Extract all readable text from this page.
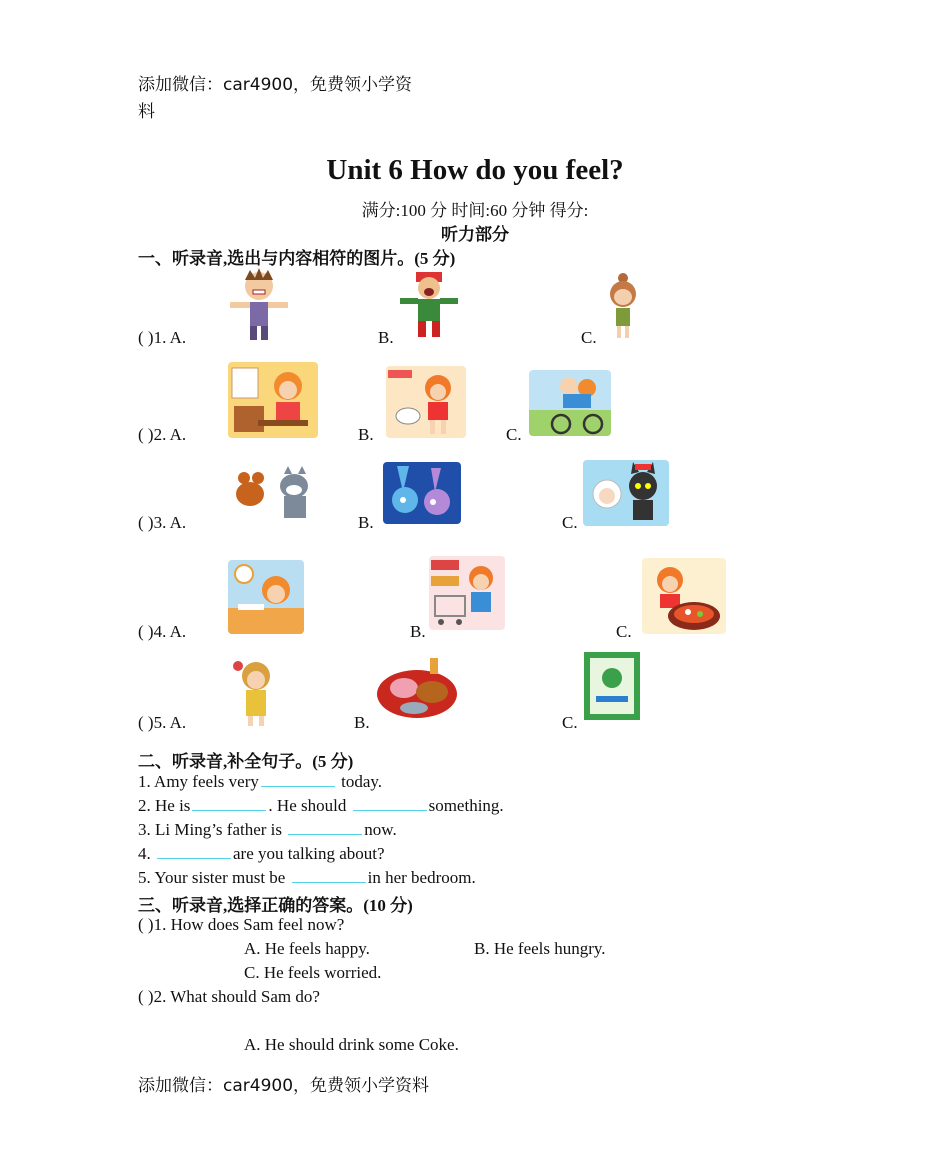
添加微信：car4900，免费领小学资
料
Unit 6 How do you feel?
满分:100 分 时间:60 分钟 得分:
听力部分
一、听录音,选出与内容相符的图片。(5 分)
( )1. A.	B.	C.
( )2. A.	B.	C.
( )3. A.	B.	C.
( )4. A.	B.	C.
( )5. A.	B.	C.
二、听录音,补全句子。(5 分)
1. Amy feels very	today.
2. He is	. He should	something.
3. Li Ming’s father is	now.
4.	are you talking about?
5. Your sister must be	in her bedroom.
三、听录音,选择正确的答案。(10 分)
( )1. How does Sam feel now?
A. He feels happy.	B. He feels hungry.
C. He feels worried.
( )2. What should Sam do?
A. He should drink some Coke.
添加微信：car4900，免费领小学资料
